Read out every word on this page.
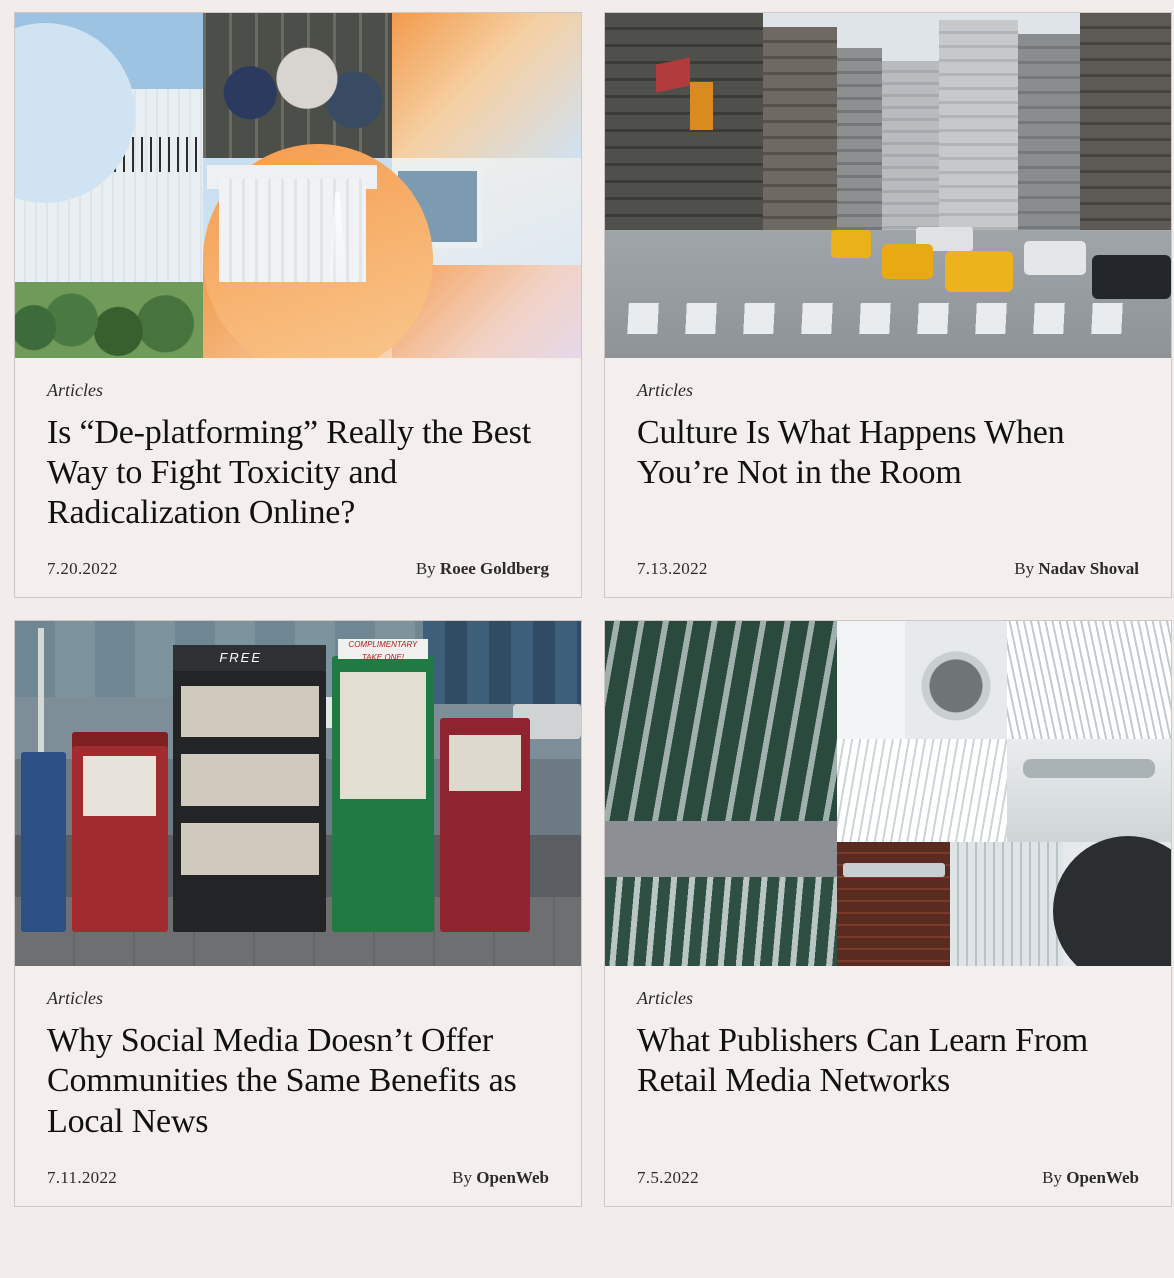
Articles
Is “De-platforming” Really the Best Way to Fight Toxicity and Radicalization Online?
7.20.2022	By Roee Goldberg
Articles
Culture Is What Happens When You’re Not in the Room
7.13.2022	By Nadav Shoval
FREE
COMPLIMENTARY TAKE ONE!
Articles
Why Social Media Doesn’t Offer Communities the Same Benefits as Local News
7.11.2022	By OpenWeb
Articles
What Publishers Can Learn From Retail Media Networks
7.5.2022	By OpenWeb
